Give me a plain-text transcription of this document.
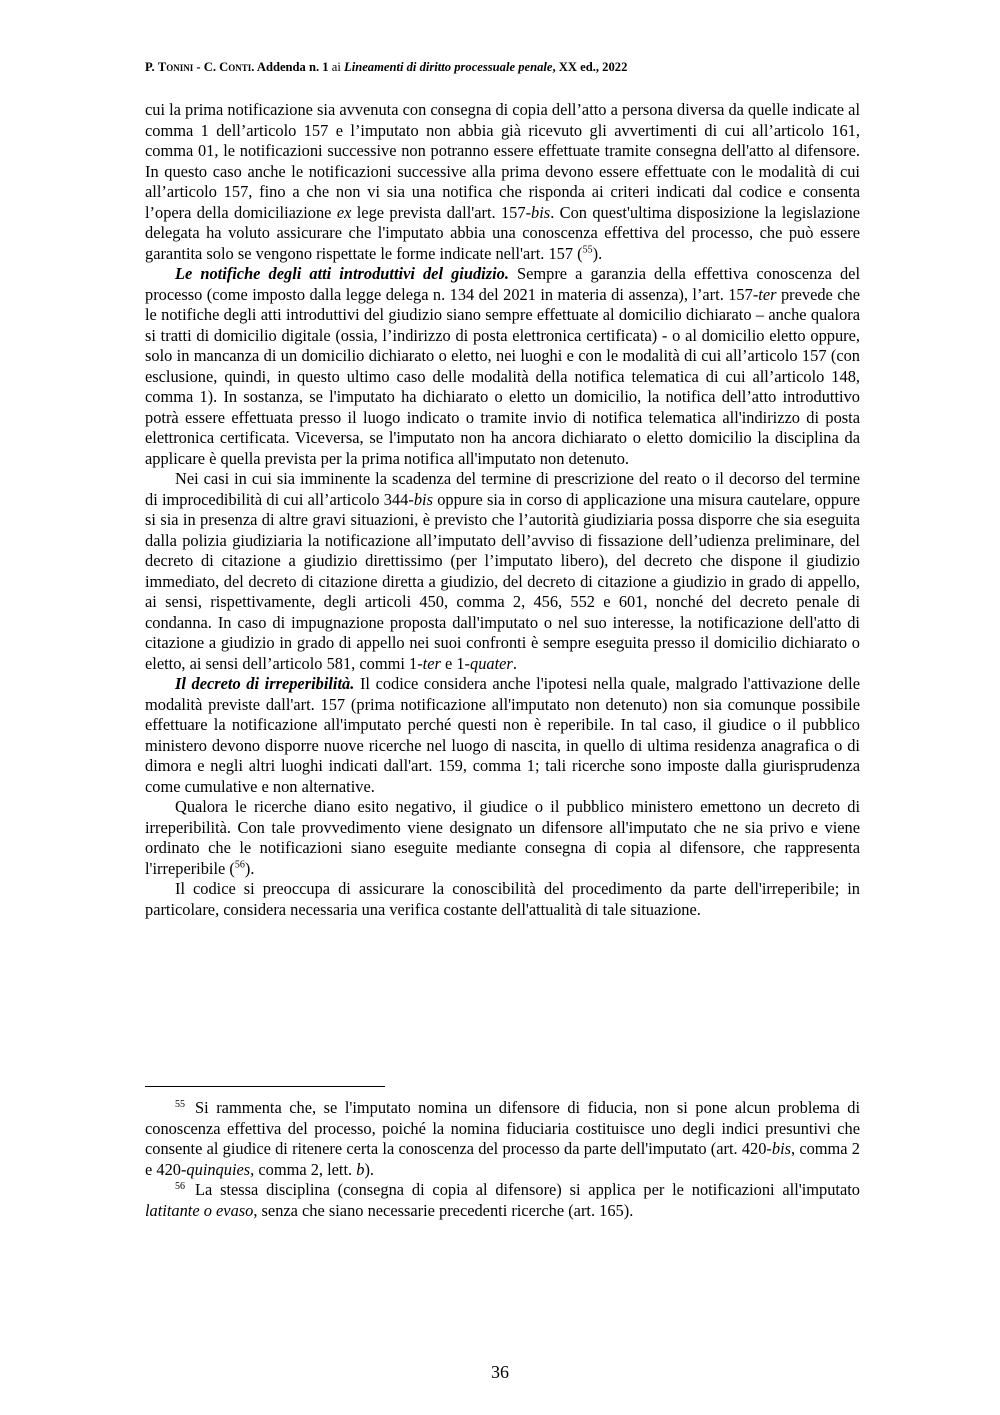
P. Tonini - C. Conti. Addenda n. 1 ai Lineamenti di diritto processuale penale, XX ed., 2022

cui la prima notificazione sia avvenuta con consegna di copia dell’atto a persona diversa da quelle indicate al comma 1 dell’articolo 157 e l’imputato non abbia già ricevuto gli avvertimenti di cui all’articolo 161, comma 01, le notificazioni successive non potranno essere effettuate tramite consegna dell'atto al difensore. In questo caso anche le notificazioni successive alla prima devono essere effettuate con le modalità di cui all’articolo 157, fino a che non vi sia una notifica che risponda ai criteri indicati dal codice e consenta l’opera della domiciliazione ex lege prevista dall'art. 157-bis. Con quest'ultima disposizione la legislazione delegata ha voluto assicurare che l'imputato abbia una conoscenza effettiva del processo, che può essere garantita solo se vengono rispettate le forme indicate nell'art. 157 ($^{55}$).

Le notifiche degli atti introduttivi del giudizio. Sempre a garanzia della effettiva conoscenza del processo (come imposto dalla legge delega n. 134 del 2021 in materia di assenza), l’art. 157-ter prevede che le notifiche degli atti introduttivi del giudizio siano sempre effettuate al domicilio dichiarato – anche qualora si tratti di domicilio digitale (ossia, l’indirizzo di posta elettronica certificata) - o al domicilio eletto oppure, solo in mancanza di un domicilio dichiarato o eletto, nei luoghi e con le modalità di cui all’articolo 157 (con esclusione, quindi, in questo ultimo caso delle modalità della notifica telematica di cui all’articolo 148, comma 1). In sostanza, se l'imputato ha dichiarato o eletto un domicilio, la notifica dell’atto introduttivo potrà essere effettuata presso il luogo indicato o tramite invio di notifica telematica all'indirizzo di posta elettronica certificata. Viceversa, se l'imputato non ha ancora dichiarato o eletto domicilio la disciplina da applicare è quella prevista per la prima notifica all'imputato non detenuto.

Nei casi in cui sia imminente la scadenza del termine di prescrizione del reato o il decorso del termine di improcedibilità di cui all’articolo 344-bis oppure sia in corso di applicazione una misura cautelare, oppure si sia in presenza di altre gravi situazioni, è previsto che l’autorità giudiziaria possa disporre che sia eseguita dalla polizia giudiziaria la notificazione all’imputato dell’avviso di fissazione dell’udienza preliminare, del decreto di citazione a giudizio direttissimo (per l’imputato libero), del decreto che dispone il giudizio immediato, del decreto di citazione diretta a giudizio, del decreto di citazione a giudizio in grado di appello, ai sensi, rispettivamente, degli articoli 450, comma 2, 456, 552 e 601, nonché del decreto penale di condanna. In caso di impugnazione proposta dall'imputato o nel suo interesse, la notificazione dell'atto di citazione a giudizio in grado di appello nei suoi confronti è sempre eseguita presso il domicilio dichiarato o eletto, ai sensi dell’articolo 581, commi 1-ter e 1-quater.

Il decreto di irreperibilità. Il codice considera anche l'ipotesi nella quale, malgrado l'attivazione delle modalità previste dall'art. 157 (prima notificazione all'imputato non detenuto) non sia comunque possibile effettuare la notificazione all'imputato perché questi non è reperibile. In tal caso, il giudice o il pubblico ministero devono disporre nuove ricerche nel luogo di nascita, in quello di ultima residenza anagrafica o di dimora e negli altri luoghi indicati dall'art. 159, comma 1; tali ricerche sono imposte dalla giurisprudenza come cumulative e non alternative.

Qualora le ricerche diano esito negativo, il giudice o il pubblico ministero emettono un decreto di irreperibilità. Con tale provvedimento viene designato un difensore all'imputato che ne sia privo e viene ordinato che le notificazioni siano eseguite mediante consegna di copia al difensore, che rappresenta l'irreperibile ($^{56}$).

Il codice si preoccupa di assicurare la conoscibilità del procedimento da parte dell'irreperibile; in particolare, considera necessaria una verifica costante dell'attualità di tale situazione.

$^{55}$ Si rammenta che, se l'imputato nomina un difensore di fiducia, non si pone alcun problema di conoscenza effettiva del processo, poiché la nomina fiduciaria costituisce uno degli indici presuntivi che consente al giudice di ritenere certa la conoscenza del processo da parte dell'imputato (art. 420-bis, comma 2 e 420-quinquies, comma 2, lett. b).

$^{56}$ La stessa disciplina (consegna di copia al difensore) si applica per le notificazioni all'imputato latitante o evaso, senza che siano necessarie precedenti ricerche (art. 165).

36
